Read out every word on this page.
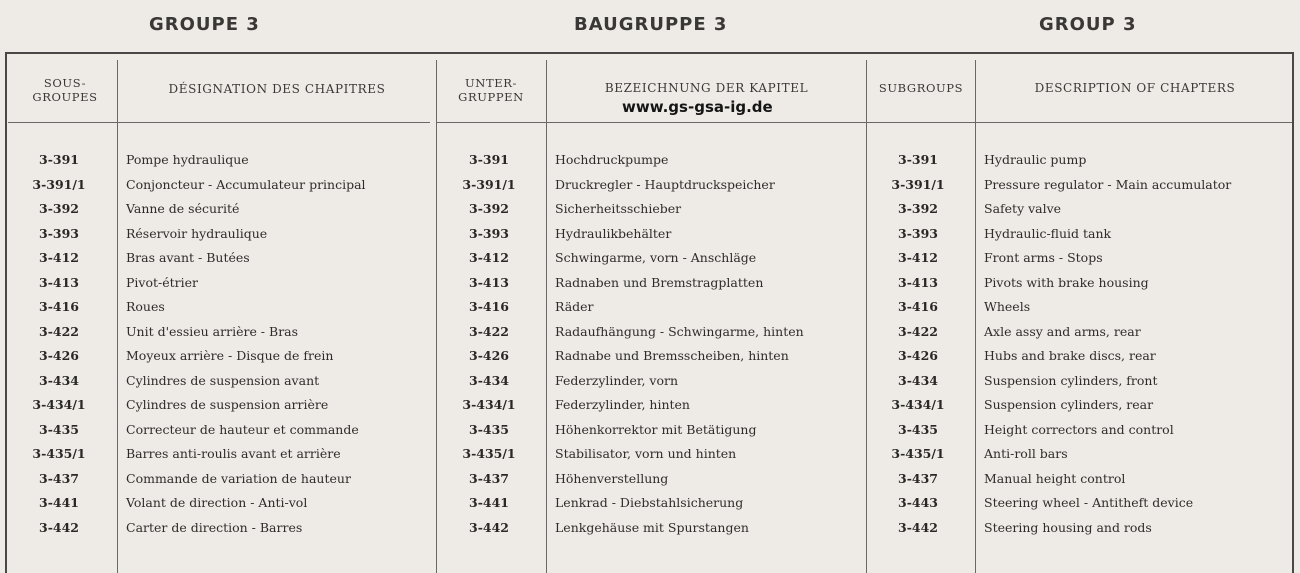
GROUPE 3	BAUGRUPPE 3	GROUP 3
SOUS-
GROUPES
DÉSIGNATION DES CHAPITRES	UNTER-
GRUPPEN
BEZEICHNUNG DER KAPITEL	SUBGROUPS	DESCRIPTION OF CHAPTERS
www.gs-gsa-ig.de
3-391	Pompe hydraulique	3-391	Hochdruckpumpe	3-391	Hydraulic pump
3-391/1	Conjoncteur - Accumulateur principal	3-391/1	Druckregler - Hauptdruckspeicher	3-391/1	Pressure regulator - Main accumulator
3-392	Vanne de sécurité	3-392	Sicherheitsschieber	3-392	Safety valve
3-393	Réservoir hydraulique	3-393	Hydraulikbehälter	3-393	Hydraulic-fluid tank
3-412	Bras avant - Butées	3-412	Schwingarme, vorn - Anschläge	3-412	Front arms - Stops
3-413	Pivot-étrier	3-413	Radnaben und Bremstragplatten	3-413	Pivots with brake housing
3-416	Roues	3-416	Räder	3-416	Wheels
3-422	Unit d'essieu arrière - Bras	3-422	Radaufhängung - Schwingarme, hinten	3-422	Axle assy and arms, rear
3-426	Moyeux arrière - Disque de frein	3-426	Radnabe und Bremsscheiben, hinten	3-426	Hubs and brake discs, rear
3-434	Cylindres de suspension avant	3-434	Federzylinder, vorn	3-434	Suspension cylinders, front
3-434/1	Cylindres de suspension arrière	3-434/1	Federzylinder, hinten	3-434/1	Suspension cylinders, rear
3-435	Correcteur de hauteur et commande	3-435	Höhenkorrektor mit Betätigung	3-435	Height correctors and control
3-435/1	Barres anti-roulis avant et arrière	3-435/1	Stabilisator, vorn und hinten	3-435/1	Anti-roll bars
3-437	Commande de variation de hauteur	3-437	Höhenverstellung	3-437	Manual height control
3-441	Volant de direction - Anti-vol	3-441	Lenkrad - Diebstahlsicherung	3-443	Steering wheel - Antitheft device
3-442	Carter de direction - Barres	3-442	Lenkgehäuse mit Spurstangen	3-442	Steering housing and rods
